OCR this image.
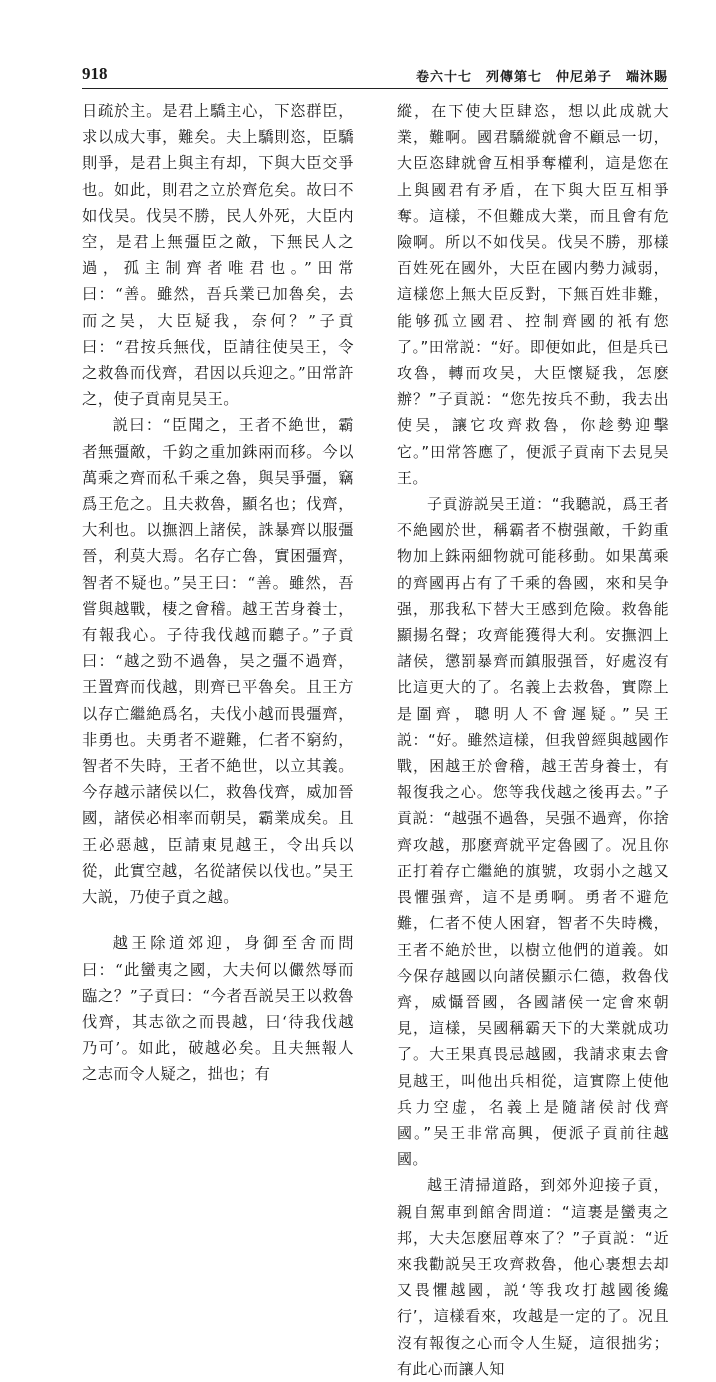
918	卷六十七　列傳第七　仲尼弟子　端沐賜

日疏於主。是君上驕主心，下恣群臣，求以成大事，難矣。夫上驕則恣，臣驕則爭，是君上與主有却，下與大臣交爭也。如此，則君之立於齊危矣。故曰不如伐吴。伐吴不勝，民人外死，大臣内空，是君上無彊臣之敵，下無民人之過，孤主制齊者唯君也。”田常曰：“善。雖然，吾兵業已加魯矣，去而之吴，大臣疑我，奈何？”子貢曰：“君按兵無伐，臣請往使吴王，令之救魯而伐齊，君因以兵迎之。”田常許之，使子貢南見吴王。

説曰：“臣聞之，王者不絶世，霸者無彊敵，千鈞之重加銖兩而移。今以萬乘之齊而私千乘之魯，與吴爭彊，竊爲王危之。且夫救魯，顯名也；伐齊，大利也。以撫泗上諸侯，誅暴齊以服彊晉，利莫大焉。名存亡魯，實困彊齊，智者不疑也。”吴王曰：“善。雖然，吾嘗與越戰，棲之會稽。越王苦身養士，有報我心。子待我伐越而聽子。”子貢曰：“越之勁不過魯，吴之彊不過齊，王置齊而伐越，則齊已平魯矣。且王方以存亡繼絶爲名，夫伐小越而畏彊齊，非勇也。夫勇者不避難，仁者不窮約，智者不失時，王者不絶世，以立其義。今存越示諸侯以仁，救魯伐齊，威加晉國，諸侯必相率而朝吴，霸業成矣。且王必惡越，臣請東見越王，令出兵以從，此實空越，名從諸侯以伐也。”吴王大説，乃使子貢之越。

越王除道郊迎，身御至舍而問曰：“此蠻夷之國，大夫何以儼然辱而臨之？”子貢曰：“今者吾説吴王以救魯伐齊，其志欲之而畏越，曰‘待我伐越乃可’。如此，破越必矣。且夫無報人之志而令人疑之，拙也；有

縱，在下使大臣肆恣，想以此成就大業，難啊。國君驕縱就會不顧忌一切，大臣恣肆就會互相爭奪權利，這是您在上與國君有矛盾，在下與大臣互相爭奪。這樣，不但難成大業，而且會有危險啊。所以不如伐吴。伐吴不勝，那樣百姓死在國外，大臣在國内勢力減弱，這樣您上無大臣反對，下無百姓非難，能够孤立國君、控制齊國的衹有您了。”田常説：“好。即便如此，但是兵已攻魯，轉而攻吴，大臣懷疑我，怎麽辦？”子貢説：“您先按兵不動，我去出使吴，讓它攻齊救魯，你趁勢迎擊它。”田常答應了，便派子貢南下去見吴王。

子貢游説吴王道：“我聽説，爲王者不絶國於世，稱霸者不樹强敵，千鈞重物加上銖兩細物就可能移動。如果萬乘的齊國再占有了千乘的魯國，來和吴争强，那我私下替大王感到危險。救魯能顯揚名聲；攻齊能獲得大利。安撫泗上諸侯，懲罰暴齊而鎮服强晉，好處沒有比這更大的了。名義上去救魯，實際上是圍齊，聰明人不會遲疑。”吴王説：“好。雖然這樣，但我曾經與越國作戰，困越王於會稽，越王苦身養士，有報復我之心。您等我伐越之後再去。”子貢説：“越强不過魯，吴强不過齊，你捨齊攻越，那麽齊就平定魯國了。况且你正打着存亡繼絶的旗號，攻弱小之越又畏懼强齊，這不是勇啊。勇者不避危難，仁者不使人困窘，智者不失時機，王者不絶於世，以樹立他們的道義。如今保存越國以向諸侯顯示仁德，救魯伐齊，威懾晉國，各國諸侯一定會來朝見，這樣，吴國稱霸天下的大業就成功了。大王果真畏忌越國，我請求東去會見越王，叫他出兵相從，這實際上使他兵力空虚，名義上是隨諸侯討伐齊國。”吴王非常高興，便派子貢前往越國。

越王清掃道路，到郊外迎接子貢，親自駕車到館舍問道：“這裹是蠻夷之邦，大夫怎麽屈尊來了？”子貢説：“近來我勸説吴王攻齊救魯，他心裹想去却又畏懼越國，説‘等我攻打越國後纔行’，這樣看來，攻越是一定的了。况且沒有報復之心而令人生疑，這很拙劣；有此心而讓人知
